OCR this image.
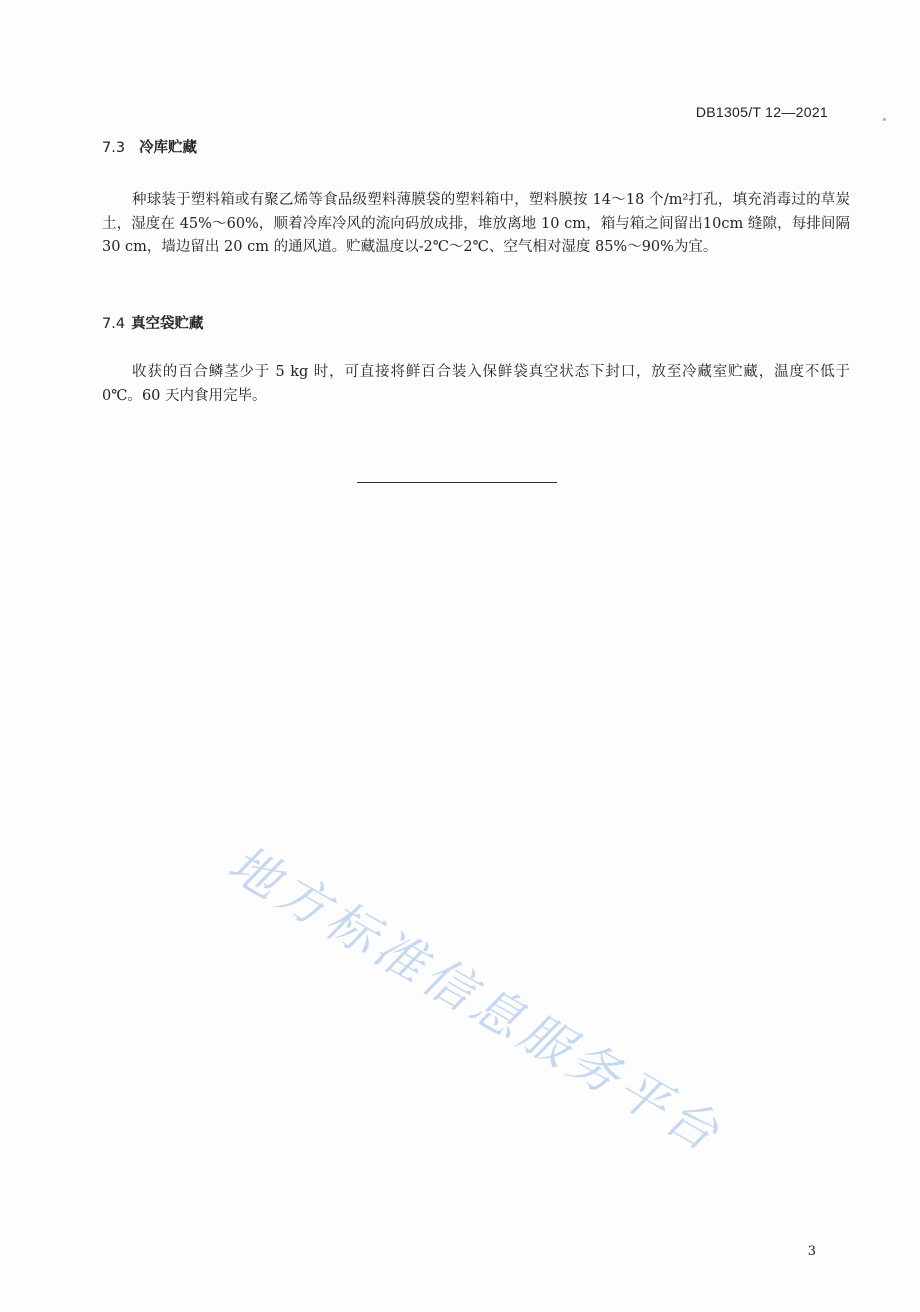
DB1305/T 12—2021
7.3 冷库贮藏
种球装于塑料箱或有聚乙烯等食品级塑料薄膜袋的塑料箱中，塑料膜按 14～18 个/m²打孔，填充消毒过的草炭土，湿度在 45%～60%，顺着冷库冷风的流向码放成排，堆放离地 10 cm，箱与箱之间留出10cm 缝隙，每排间隔 30 cm，墙边留出 20 cm 的通风道。贮藏温度以-2℃～2℃、空气相对湿度 85%～90%为宜。
7.4 真空袋贮藏
收获的百合鳞茎少于 5 kg 时，可直接将鲜百合装入保鲜袋真空状态下封口，放至冷藏室贮藏，温度不低于 0℃。60 天内食用完毕。
地方标准信息服务平台
3
